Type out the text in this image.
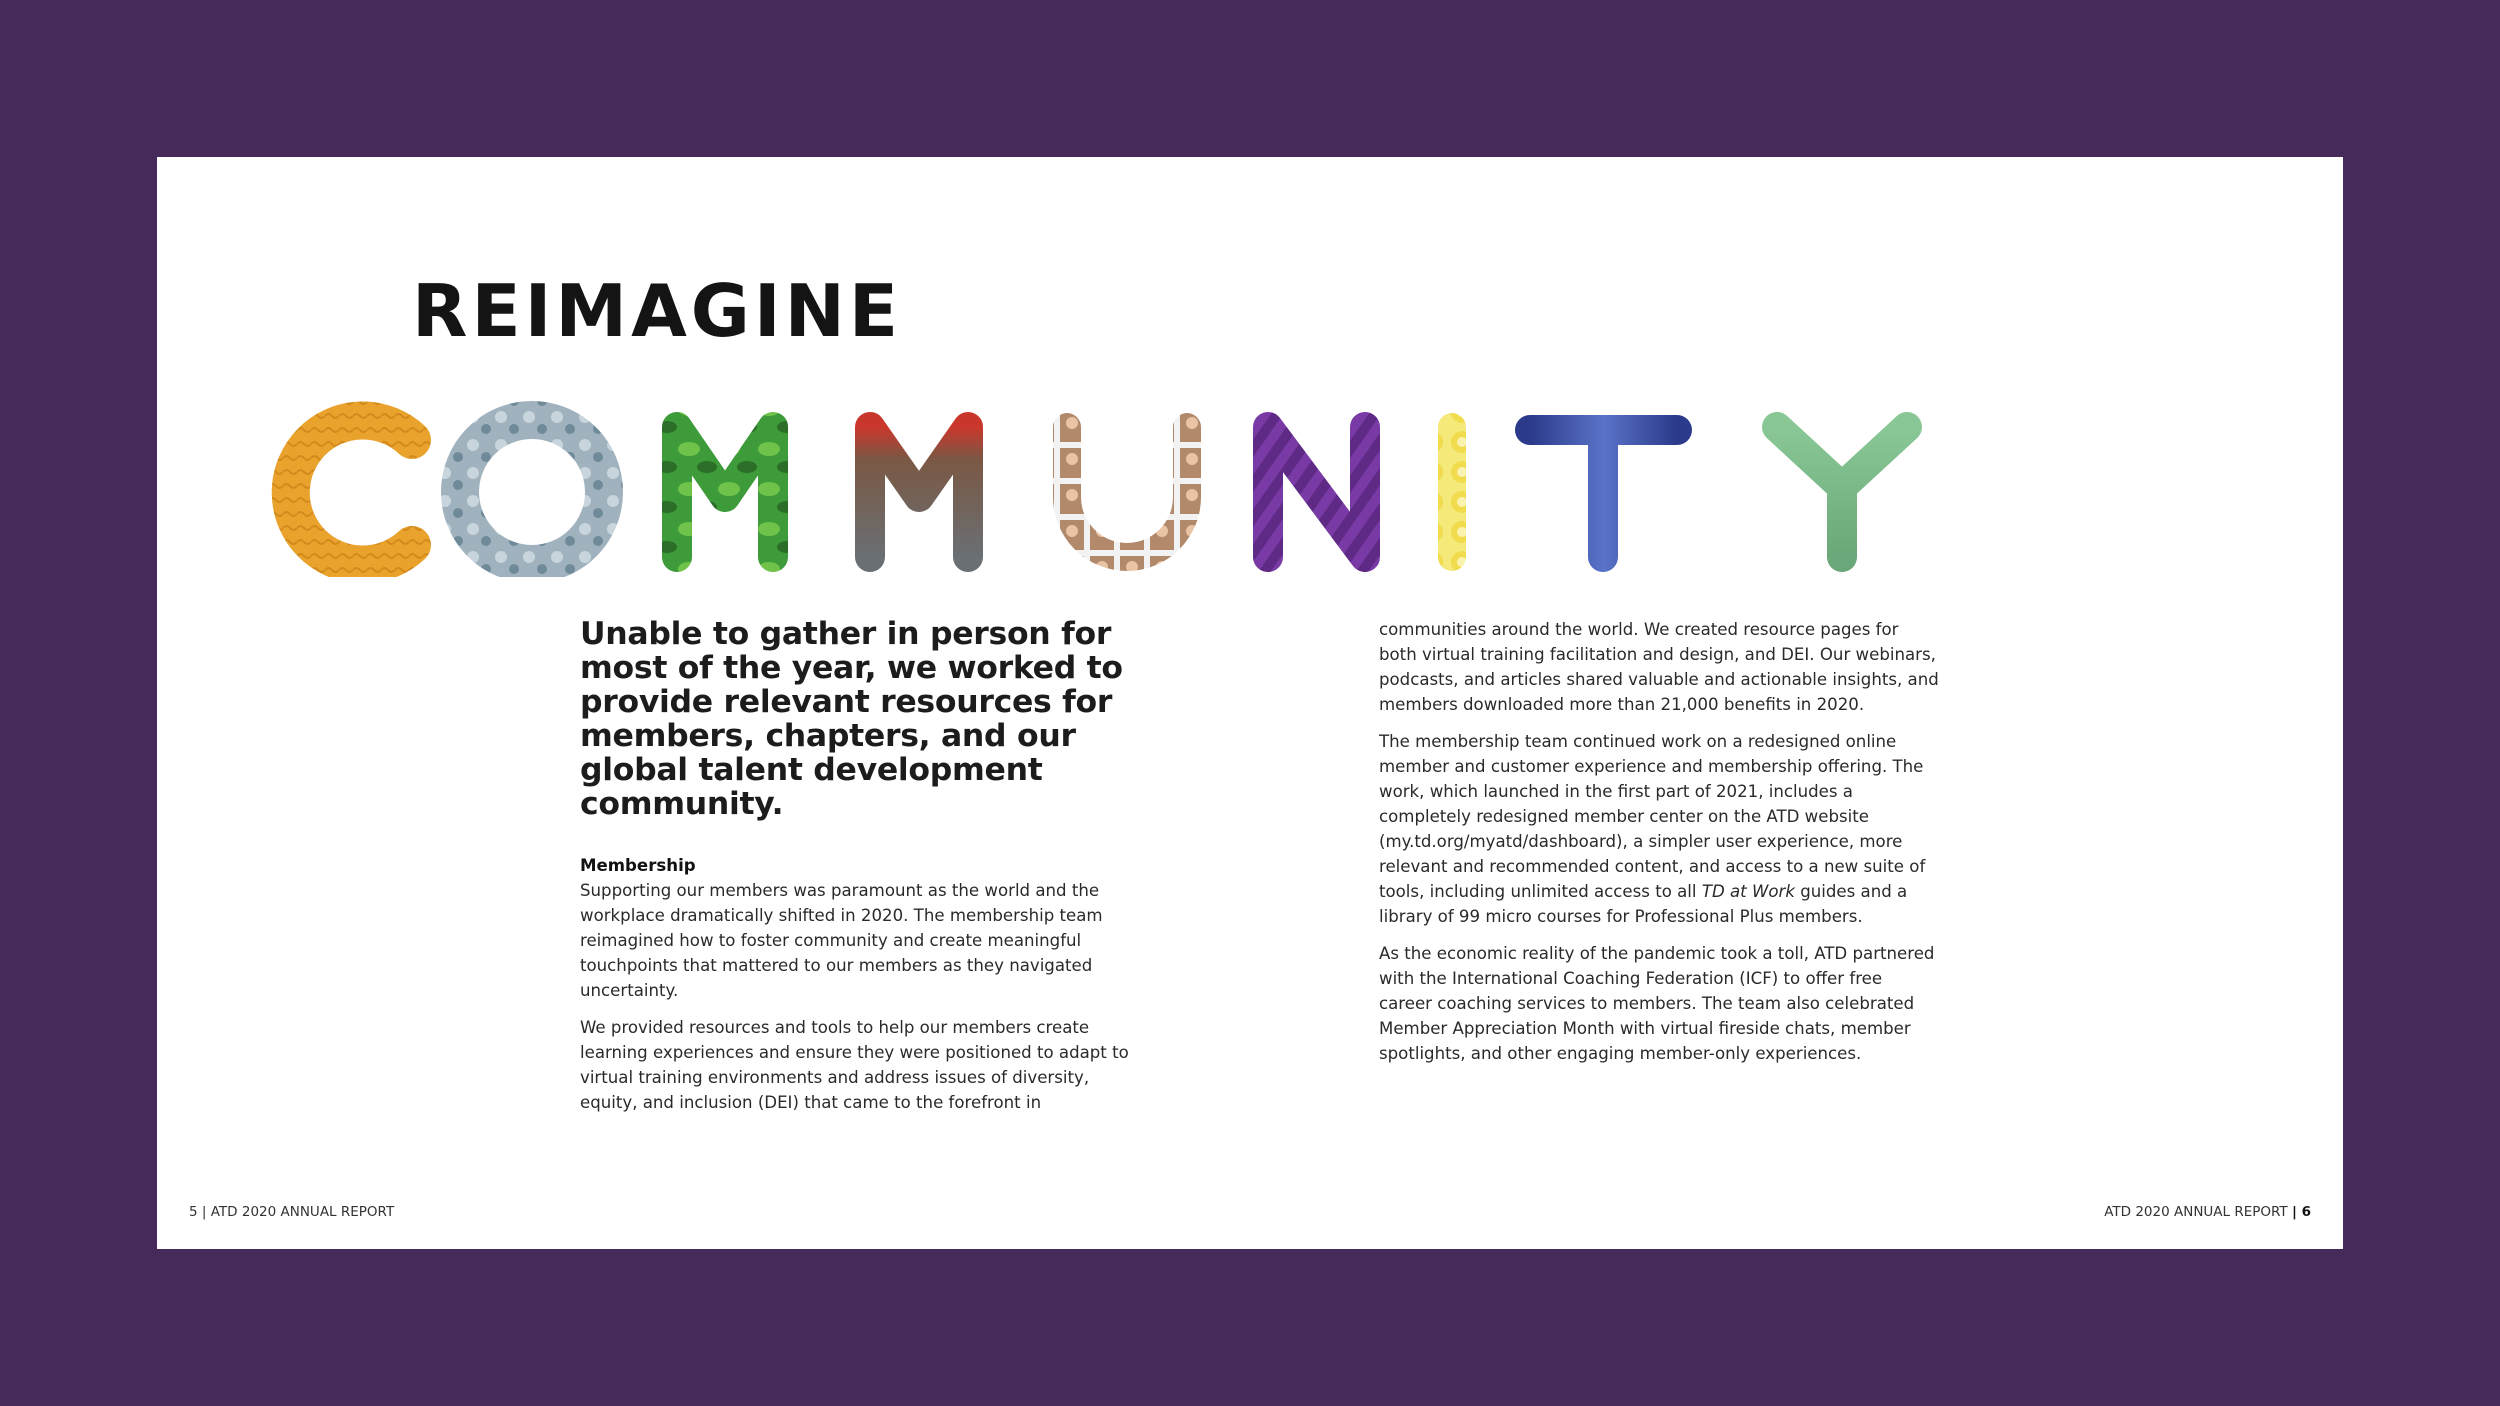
REIMAGINE

Unable to gather in person for most of the year, we worked to provide relevant resources for members, chapters, and our global talent development community.

Membership

Supporting our members was paramount as the world and the workplace dramatically shifted in 2020. The membership team reimagined how to foster community and create meaningful touchpoints that mattered to our members as they navigated uncertainty.

We provided resources and tools to help our members create learning experiences and ensure they were positioned to adapt to virtual training environments and address issues of diversity, equity, and inclusion (DEI) that came to the forefront in

communities around the world. We created resource pages for both virtual training facilitation and design, and DEI. Our webinars, podcasts, and articles shared valuable and actionable insights, and members downloaded more than 21,000 benefits in 2020.

The membership team continued work on a redesigned online member and customer experience and membership offering. The work, which launched in the first part of 2021, includes a completely redesigned member center on the ATD website (my.td.org/myatd/dashboard), a simpler user experience, more relevant and recommended content, and access to a new suite of tools, including unlimited access to all TD at Work guides and a library of 99 micro courses for Professional Plus members.

As the economic reality of the pandemic took a toll, ATD partnered with the International Coaching Federation (ICF) to offer free career coaching services to members. The team also celebrated Member Appreciation Month with virtual fireside chats, member spotlights, and other engaging member-only experiences.

5 | ATD 2020 ANNUAL REPORT	ATD 2020 ANNUAL REPORT | 6
